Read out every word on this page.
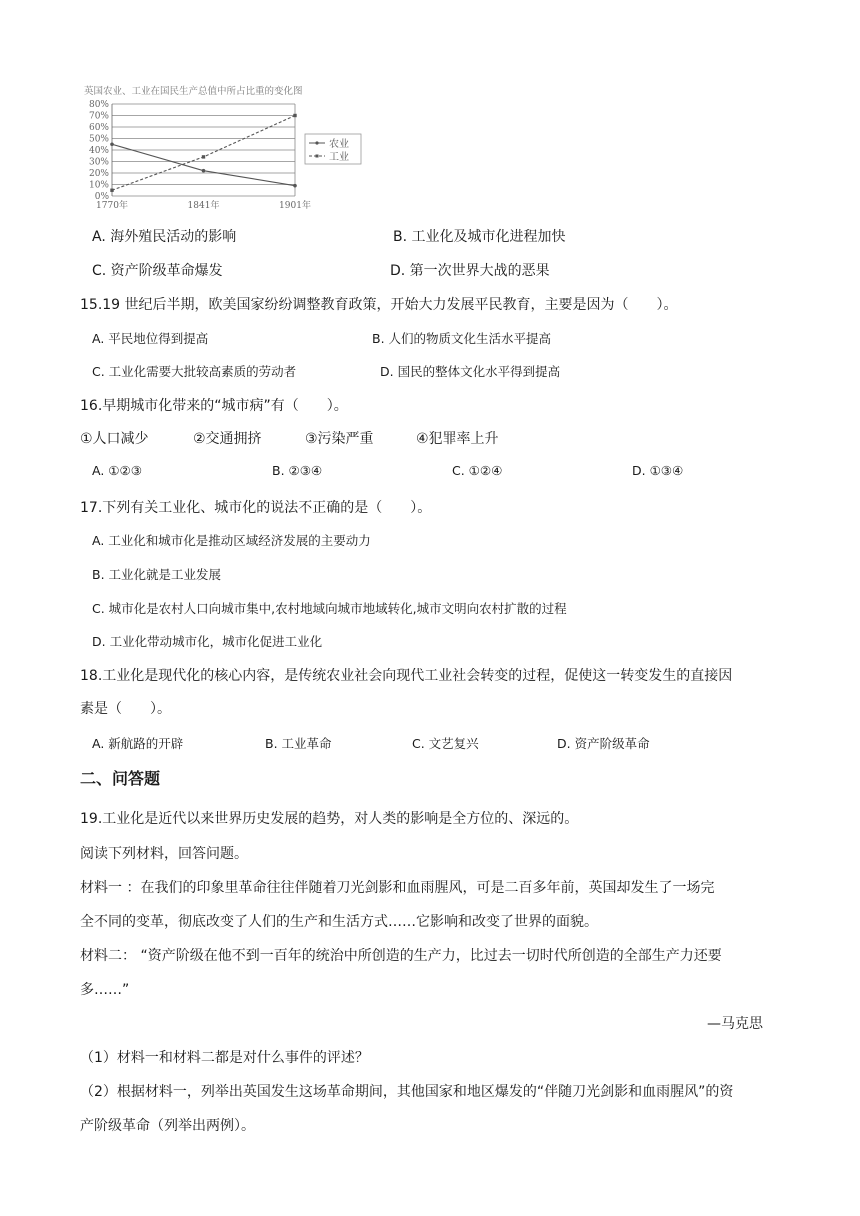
英国农业、工业在国民生产总值中所占比重的变化图
0%
10%
20%
30%
40%
50%
60%
70%
80%
1770年	1841年	1901年
农业
工业
A. 海外殖民活动的影响	B. 工业化及城市化进程加快
C. 资产阶级革命爆发	D. 第一次世界大战的恶果
15.19 世纪后半期，欧美国家纷纷调整教育政策，开始大力发展平民教育，主要是因为（　　）。
A. 平民地位得到提高	B. 人们的物质文化生活水平提高
C. 工业化需要大批较高素质的劳动者	D. 国民的整体文化水平得到提高
16.早期城市化带来的“城市病”有（　　）。
①人口减少	②交通拥挤	③污染严重	④犯罪率上升
A. ①②③	B. ②③④	C. ①②④	D. ①③④
17.下列有关工业化、城市化的说法不正确的是（　　）。
A. 工业化和城市化是推动区域经济发展的主要动力
B. 工业化就是工业发展
C. 城市化是农村人口向城市集中,农村地域向城市地域转化,城市文明向农村扩散的过程
D. 工业化带动城市化，城市化促进工业化
18.工业化是现代化的核心内容，是传统农业社会向现代工业社会转变的过程，促使这一转变发生的直接因
素是（　　）。
A. 新航路的开辟	B. 工业革命	C. 文艺复兴	D. 资产阶级革命
二、问答题
19.工业化是近代以来世界历史发展的趋势，对人类的影响是全方位的、深远的。
阅读下列材料，回答问题。
材料一 ：在我们的印象里革命往往伴随着刀光剑影和血雨腥风，可是二百多年前，英国却发生了一场完
全不同的变革，彻底改变了人们的生产和生活方式……它影响和改变了世界的面貌。
材料二： “资产阶级在他不到一百年的统治中所创造的生产力，比过去一切时代所创造的全部生产力还要
多……”
—马克思
（1）材料一和材料二都是对什么事件的评述？
（2）根据材料一，列举出英国发生这场革命期间，其他国家和地区爆发的“伴随刀光剑影和血雨腥风”的资
产阶级革命（列举出两例）。
